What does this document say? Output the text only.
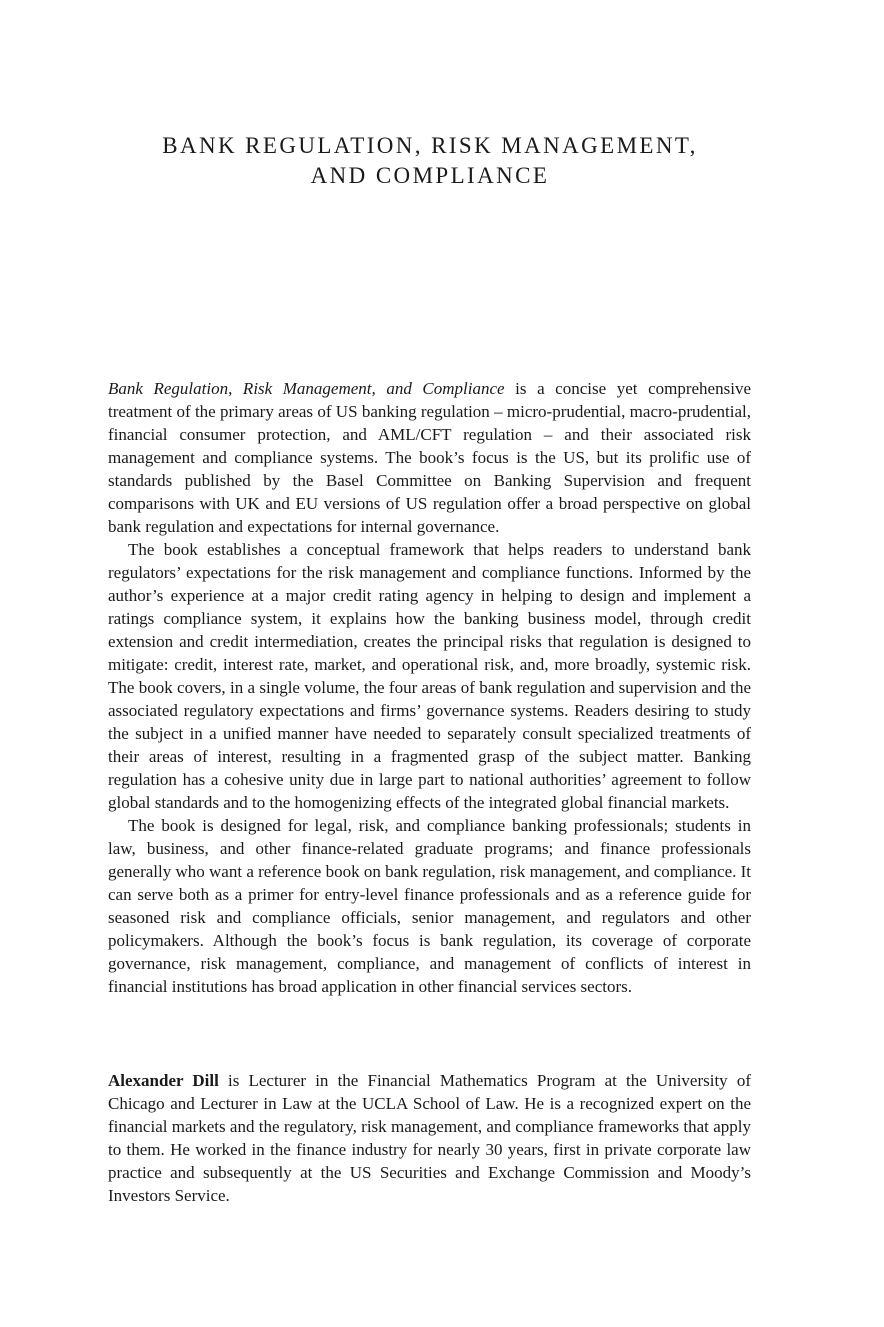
BANK REGULATION, RISK MANAGEMENT,
AND COMPLIANCE

Bank Regulation, Risk Management, and Compliance is a concise yet comprehensive treatment of the primary areas of US banking regulation – micro-prudential, macro-prudential, financial consumer protection, and AML/CFT regulation – and their associated risk management and compliance systems. The book’s focus is the US, but its prolific use of standards published by the Basel Committee on Banking Supervision and frequent comparisons with UK and EU versions of US regulation offer a broad perspective on global bank regulation and expectations for internal governance.

The book establishes a conceptual framework that helps readers to understand bank regulators’ expectations for the risk management and compliance functions. Informed by the author’s experience at a major credit rating agency in helping to design and implement a ratings compliance system, it explains how the banking business model, through credit extension and credit intermediation, creates the principal risks that regulation is designed to mitigate: credit, interest rate, market, and operational risk, and, more broadly, systemic risk. The book covers, in a single volume, the four areas of bank regulation and supervision and the associated regulatory expectations and firms’ governance systems. Readers desiring to study the subject in a unified manner have needed to separately consult specialized treatments of their areas of interest, resulting in a fragmented grasp of the subject matter. Banking regulation has a cohesive unity due in large part to national authorities’ agreement to follow global standards and to the homogenizing effects of the integrated global financial markets.

The book is designed for legal, risk, and compliance banking professionals; students in law, business, and other finance-related graduate programs; and finance professionals generally who want a reference book on bank regulation, risk management, and compliance. It can serve both as a primer for entry-level finance professionals and as a reference guide for seasoned risk and compliance officials, senior management, and regulators and other policymakers. Although the book’s focus is bank regulation, its coverage of corporate governance, risk management, compliance, and management of conflicts of interest in financial institutions has broad application in other financial services sectors.

Alexander Dill is Lecturer in the Financial Mathematics Program at the University of Chicago and Lecturer in Law at the UCLA School of Law. He is a recognized expert on the financial markets and the regulatory, risk management, and compliance frameworks that apply to them. He worked in the finance industry for nearly 30 years, first in private corporate law practice and subsequently at the US Securities and Exchange Commission and Moody’s Investors Service.
